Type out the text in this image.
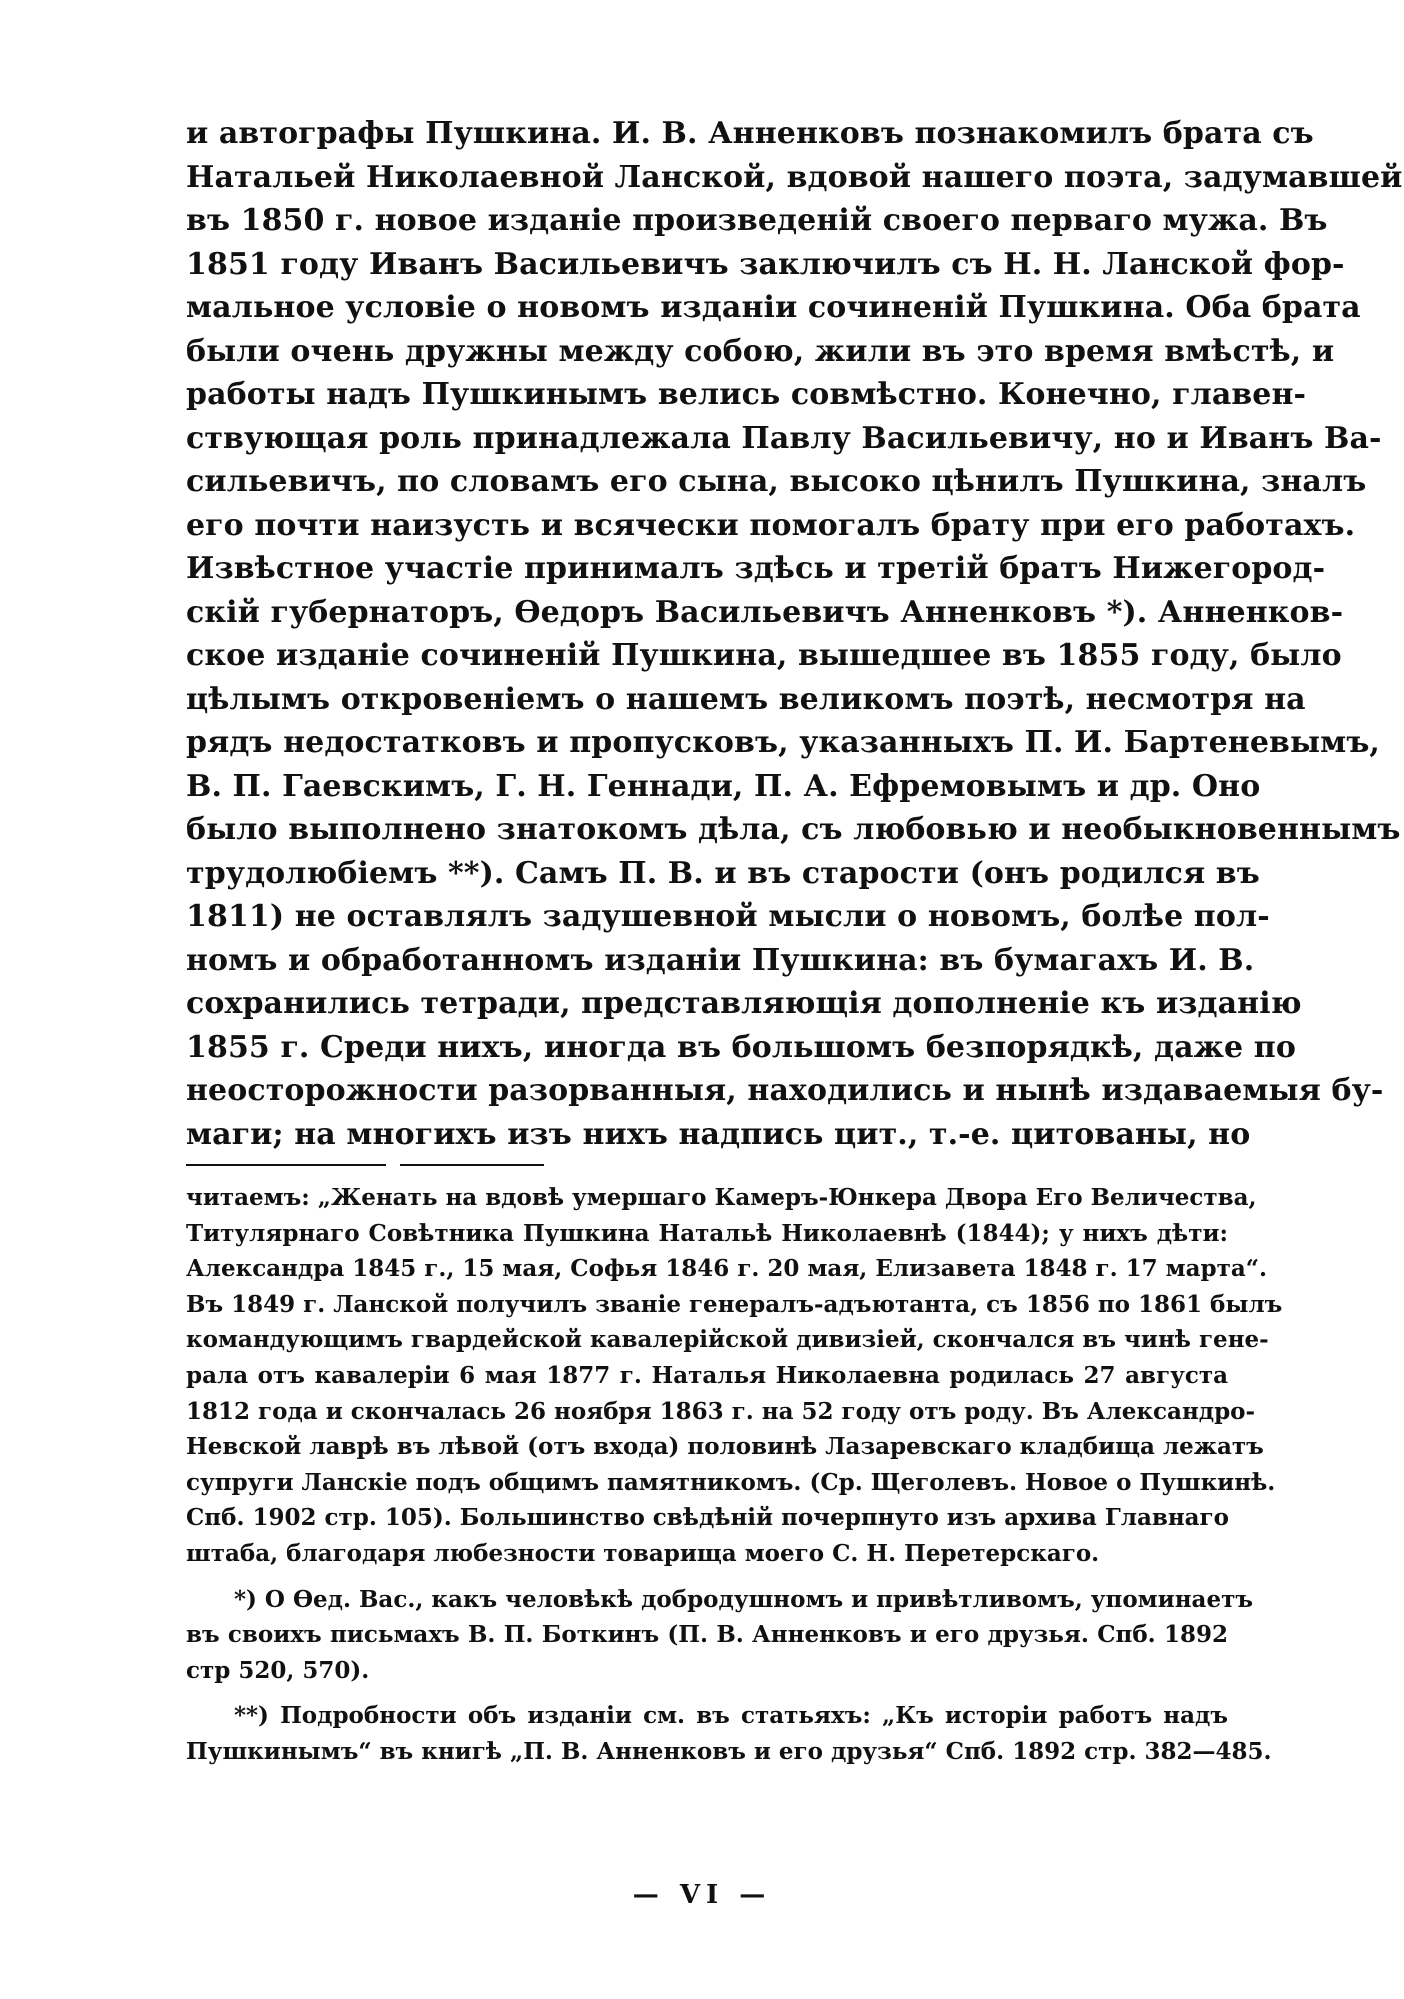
и автографы Пушкина. И. В. Анненковъ познакомилъ брата съ
Натальей Николаевной Ланской, вдовой нашего поэта, задумавшей
въ 1850 г. новое изданіе произведеній своего перваго мужа. Въ
1851 году Иванъ Васильевичъ заключилъ съ Н. Н. Ланской фор-
мальное условіе о новомъ изданіи сочиненій Пушкина. Оба брата
были очень дружны между собою, жили въ это время вмѣстѣ, и
работы надъ Пушкинымъ велись совмѣстно. Конечно, главен-
ствующая роль принадлежала Павлу Васильевичу, но и Иванъ Ва-
сильевичъ, по словамъ его сына, высоко цѣнилъ Пушкина, зналъ
его почти наизусть и всячески помогалъ брату при его работахъ.
Извѣстное участіе принималъ здѣсь и третій братъ Нижегород-
скій губернаторъ, Ѳедоръ Васильевичъ Анненковъ *). Анненков-
ское изданіе сочиненій Пушкина, вышедшее въ 1855 году, было
цѣлымъ откровеніемъ о нашемъ великомъ поэтѣ, несмотря на
рядъ недостатковъ и пропусковъ, указанныхъ П. И. Бартеневымъ,
В. П. Гаевскимъ, Г. Н. Геннади, П. А. Ефремовымъ и др. Оно
было выполнено знатокомъ дѣла, съ любовью и необыкновеннымъ
трудолюбіемъ **). Самъ П. В. и въ старости (онъ родился въ
1811) не оставлялъ задушевной мысли о новомъ, болѣе пол-
номъ и обработанномъ изданіи Пушкина: въ бумагахъ И. В.
сохранились тетради, представляющія дополненіе къ изданію
1855 г. Среди нихъ, иногда въ большомъ безпорядкѣ, даже по
неосторожности разорванныя, находились и нынѣ издаваемыя бу-
маги; на многихъ изъ нихъ надпись цит., т.-е. цитованы, но
читаемъ: „Женать на вдовѣ умершаго Камеръ-Юнкера Двора Его Величества,
Титулярнаго Совѣтника Пушкина Натальѣ Николаевнѣ (1844); у нихъ дѣти:
Александра 1845 г., 15 мая, Софья 1846 г. 20 мая, Елизавета 1848 г. 17 марта“.
Въ 1849 г. Ланской получилъ званіе генералъ-адъютанта, съ 1856 по 1861 былъ
командующимъ гвардейской кавалерійской дивизіей, скончался въ чинѣ гене-
рала отъ кавалеріи 6 мая 1877 г. Наталья Николаевна родилась 27 августа
1812 года и скончалась 26 ноября 1863 г. на 52 году отъ роду. Въ Александро-
Невской лаврѣ въ лѣвой (отъ входа) половинѣ Лазаревскаго кладбища лежатъ
супруги Ланскіе подъ общимъ памятникомъ. (Ср. Щеголевъ. Новое о Пушкинѣ.
Спб. 1902 стр. 105). Большинство свѣдѣній почерпнуто изъ архива Главнаго
штаба, благодаря любезности товарища моего С. Н. Перетерскаго.
*) О Ѳед. Вас., какъ человѣкѣ добродушномъ и привѣтливомъ, упоминаетъ
въ своихъ письмахъ В. П. Боткинъ (П. В. Анненковъ и его друзья. Спб. 1892
стр 520, 570).
**) Подробности объ изданіи см. въ статьяхъ: „Къ исторіи работъ надъ
Пушкинымъ“ въ книгѣ „П. В. Анненковъ и его друзья“ Спб. 1892 стр. 382—485.
— VI —
